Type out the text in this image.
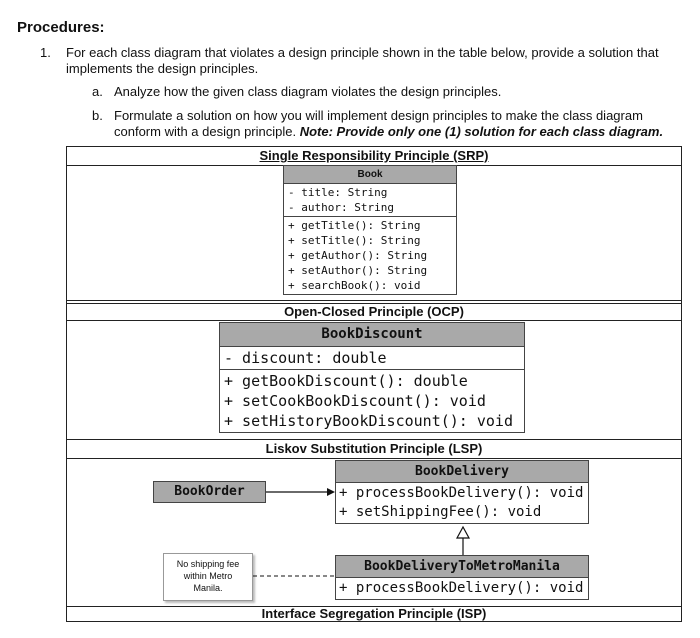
Procedures:
1. For each class diagram that violates a design principle shown in the table below, provide a solution that
implements the design principles.
a. Analyze how the given class diagram violates the design principles.
b. Formulate a solution on how you will implement design principles to make the class diagram
conform with a design principle. Note: Provide only one (1) solution for each class diagram.
Single Responsibility Principle (SRP)
Book
- title: String
- author: String
+ getTitle(): String
+ setTitle(): String
+ getAuthor(): String
+ setAuthor(): String
+ searchBook(): void
Open-Closed Principle (OCP)
BookDiscount
- discount: double
+ getBookDiscount(): double
+ setCookBookDiscount(): void
+ setHistoryBookDiscount(): void
Liskov Substitution Principle (LSP)
BookOrder
BookDelivery
+ processBookDelivery(): void
+ setShippingFee(): void
BookDeliveryToMetroManila
+ processBookDelivery(): void
No shipping fee
within Metro
Manila.
Interface Segregation Principle (ISP)
